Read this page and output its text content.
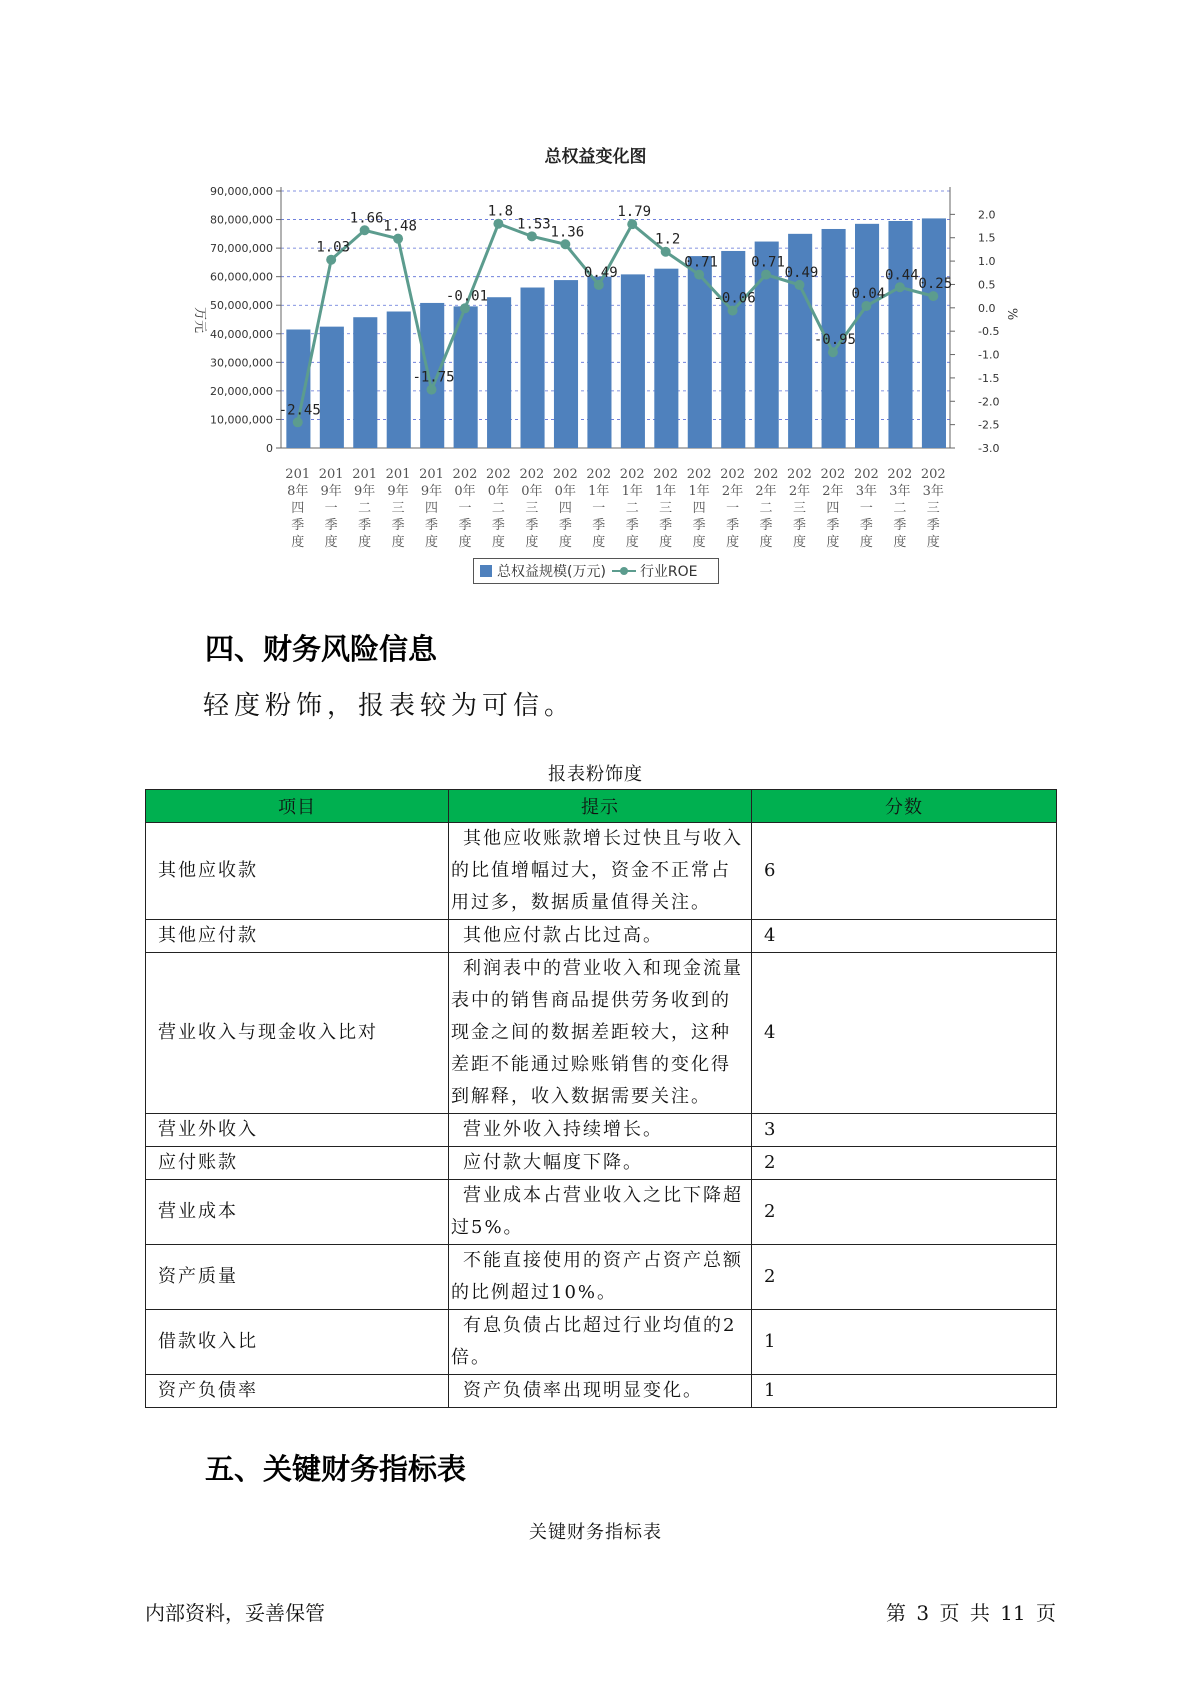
总权益变化图
0
10,000,000
20,000,000
30,000,000
40,000,000
50,000,000
60,000,000
70,000,000
80,000,000
90,000,000
-3.0
-2.5
-2.0
-1.5
-1.0
-0.5
0.0
0.5
1.0
1.5
2.0
万元	%
201 8年四季度
201 9年一季度
201 9年二季度
201 9年三季度
201 9年四季度
202 0年一季度
202 0年二季度
202 0年三季度
202 0年四季度
202 1年一季度
202 1年二季度
202 1年三季度
202 1年四季度
202 2年一季度
202 2年二季度
202 2年三季度
202 2年四季度
202 3年一季度
202 3年二季度
202 3年三季度
-2.45
1.03
1.66
1.48
-1.75
-0.01
1.8
1.53 1.36
0.49
1.79
1.2
0.71
-0.06
0.71
0.49
-0.95
0.04
0.44
0.25
总权益规模(万元) 行业ROE
四、财务风险信息

轻度粉饰，报表较为可信。

报表粉饰度
项目	提示	分数
其他应收款	其他应收账款增长过快且与收入的比值增幅过大，资金不正常占用过多，数据质量值得关注。	6
其他应付款	其他应付款占比过高。	4
营业收入与现金收入比对	利润表中的营业收入和现金流量表中的销售商品提供劳务收到的现金之间的数据差距较大，这种差距不能通过赊账销售的变化得到解释，收入数据需要关注。	4
营业外收入	营业外收入持续增长。	3
应付账款	应付款大幅度下降。	2
营业成本	营业成本占营业收入之比下降超过5%。	2
资产质量	不能直接使用的资产占资产总额的比例超过10%。	2
借款收入比	有息负债占比超过行业均值的2倍。	1
资产负债率	资产负债率出现明显变化。	1
五、关键财务指标表
关键财务指标表
内部资料，妥善保管	第 3 页 共 11 页
